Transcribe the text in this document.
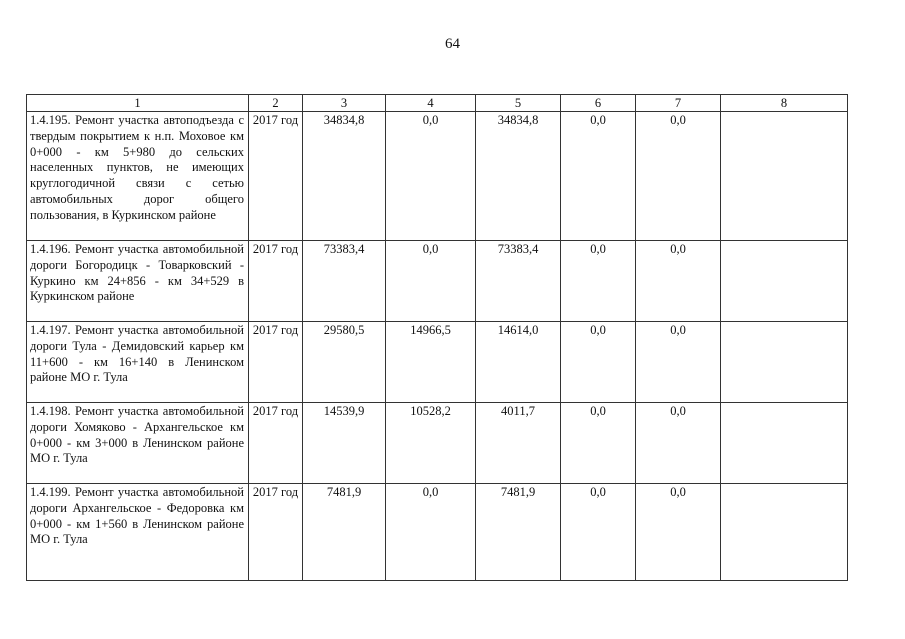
64
1	2	3	4	5	6	7	8
1.4.195. Ремонт участка автоподъезда с твердым покрытием к н.п. Моховое км 0+000 - км 5+980 до сельских населенных пунктов, не имеющих круглогодичной связи с сетью автомобильных дорог общего пользования, в Куркинском районе	2017 год	34834,8	0,0	34834,8	0,0	0,0	
1.4.196. Ремонт участка автомобильной дороги Богородицк - Товарковский - Куркино км 24+856 - км 34+529 в Куркинском районе	2017 год	73383,4	0,0	73383,4	0,0	0,0	
1.4.197. Ремонт участка автомобильной дороги Тула - Демидовский карьер км 11+600 - км 16+140 в Ленинском районе МО г. Тула	2017 год	29580,5	14966,5	14614,0	0,0	0,0	
1.4.198. Ремонт участка автомобильной дороги Хомяково - Архангельское км 0+000 - км 3+000 в Ленинском районе МО г. Тула	2017 год	14539,9	10528,2	4011,7	0,0	0,0	
1.4.199. Ремонт участка автомобильной дороги Архангельское - Федоровка км 0+000 - км 1+560 в Ленинском районе МО г. Тула	2017 год	7481,9	0,0	7481,9	0,0	0,0	
